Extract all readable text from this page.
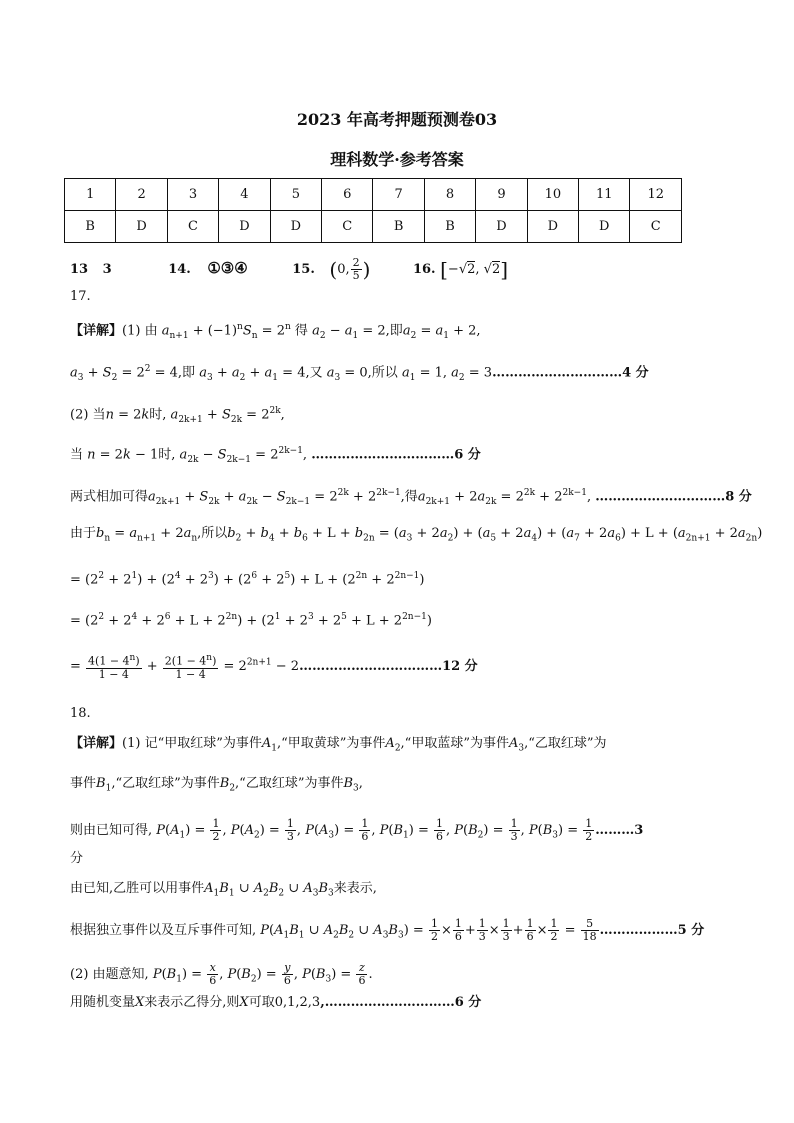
2023 年高考押题预测卷03
理科数学·参考答案
1	2	3	4	5	6	7	8	9	10	11	12
B	D	C	D	D	C	B	B	D	D	D	C
13 3	14. ①③④	15. (0, $\frac{2}{5}$ )	16. [−√2, √2]
17.
【详解】(1) 由 $a_{n+1} + (-1)^nS_n = 2^n$ 得 $a_2 - a_1 = 2$,即$a_2 = a_1 + 2$,
$a_3 + S_2 = 2^2 = 4$,即 $a_3 + a_2 + a_1 = 4$,又 $a_3 = 0$,所以 $a_1 = 1$, $a_2$ = 3…………………………4 分
(2) 当n = 2k时, $a_{2k+1} + S_{2k} = 2^{2k}$,
当 n = 2k − 1时, $a_{2k} - S_{2k-1} = 2^{2k-1}$, ……………………………6 分
两式相加可得$a_{2k+1} + S_{2k} + a_{2k} - S_{2k-1} = 2^{2k} + 2^{2k-1}$,得$a_{2k+1} + 2a_{2k} = 2^{2k} + 2^{2k-1}$, …………………………8 分
由于$b_n = a_{n+1} + 2a_n$,所以$b_2 + b_4 + b_6 + L + b_{2n} = (a_3 + 2a_2) + (a_5 + 2a_4) + (a_7 + 2a_6) + L + (a_{2n+1} + 2a_{2n})$
= $(2^2 + 2^1) + (2^4 + 2^3) + (2^6 + 2^5) + L + (2^{2n} + 2^{2n-1})$
= $(2^2 + 2^4 + 2^6 + L + 2^{2n}) + (2^1 + 2^3 + 2^5 + L + 2^{2n-1})$
= $\frac{4(1 - 4^n)}{1 - 4} + \frac{2(1 - 4^n)}{1 - 4} = 2^{2n+1}$ − 2……………………………12 分
18.
【详解】(1) 记“甲取红球”为事件$A_1,“$甲取黄球”为事件$A_2,“$甲取蓝球”为事件$A_3,“$乙取红球”为
事件$B_1,“$乙取红球”为事件$B_2,“$乙取红球”为事件$B_3$,
则由已知可得, $P(A_1) = \frac{1}{2}$ , $P(A_2) = \frac{1}{3}$ , $P(A_3) = \frac{1}{6}$ , $P(B_1) = \frac{1}{6}$ , $P(B_2) = \frac{1}{3}$ , $P(B_3) = \frac{1}{2}$ ………3
分
由已知,乙胜可以用事件$A_1B_1$ ∪ $A_2B_2$ ∪ $A_3B_3$来表示,
根据独立事件以及互斥事件可知, $P(A_1B_1$ ∪ $A_2B_2$ ∪ $A_3B_3) = \frac{1}{2} \times \frac{1}{6} + \frac{1}{3} \times \frac{1}{3} + \frac{1}{6} \times \frac{1}{2} = \frac{5}{18}$ ………………5 分
(2) 由题意知, $P(B_1) = \frac{x}{6}$ , $P(B_2) = \frac{y}{6}$ , $P(B_3) = \frac{z}{6}$ .
用随机变量X来表示乙得分,则X可取0,1,2,3,…………………………6 分
